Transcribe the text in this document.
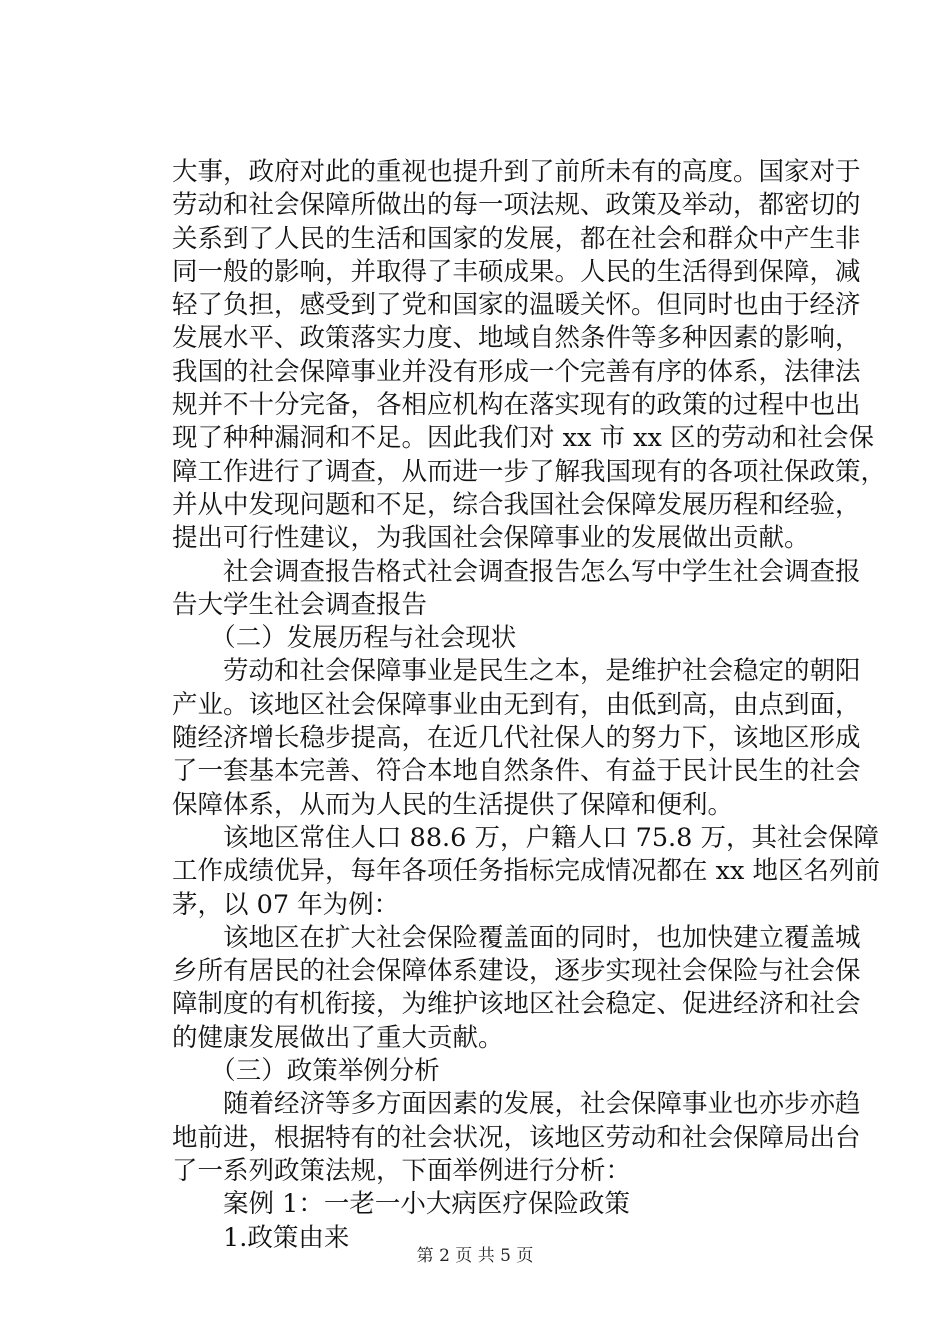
大事，政府对此的重视也提升到了前所未有的高度。国家对于
劳动和社会保障所做出的每一项法规、政策及举动，都密切的
关系到了人民的生活和国家的发展，都在社会和群众中产生非
同一般的影响，并取得了丰硕成果。人民的生活得到保障，减
轻了负担，感受到了党和国家的温暖关怀。但同时也由于经济
发展水平、政策落实力度、地域自然条件等多种因素的影响，
我国的社会保障事业并没有形成一个完善有序的体系，法律法
规并不十分完备，各相应机构在落实现有的政策的过程中也出
现了种种漏洞和不足。因此我们对 xx 市 xx 区的劳动和社会保
障工作进行了调查，从而进一步了解我国现有的各项社保政策，
并从中发现问题和不足，综合我国社会保障发展历程和经验，
提出可行性建议，为我国社会保障事业的发展做出贡献。
　　社会调查报告格式社会调查报告怎么写中学生社会调查报
告大学生社会调查报告
　　（二）发展历程与社会现状
　　劳动和社会保障事业是民生之本，是维护社会稳定的朝阳
产业。该地区社会保障事业由无到有，由低到高，由点到面，
随经济增长稳步提高，在近几代社保人的努力下，该地区形成
了一套基本完善、符合本地自然条件、有益于民计民生的社会
保障体系，从而为人民的生活提供了保障和便利。
　　该地区常住人口 88.6 万，户籍人口 75.8 万，其社会保障
工作成绩优异，每年各项任务指标完成情况都在 xx 地区名列前
茅，以 07 年为例：
　　该地区在扩大社会保险覆盖面的同时，也加快建立覆盖城
乡所有居民的社会保障体系建设，逐步实现社会保险与社会保
障制度的有机衔接，为维护该地区社会稳定、促进经济和社会
的健康发展做出了重大贡献。
　　（三）政策举例分析
　　随着经济等多方面因素的发展，社会保障事业也亦步亦趋
地前进，根据特有的社会状况，该地区劳动和社会保障局出台
了一系列政策法规，下面举例进行分析：
　　案例 1：一老一小大病医疗保险政策
　　1.政策由来
第 2 页 共 5 页
